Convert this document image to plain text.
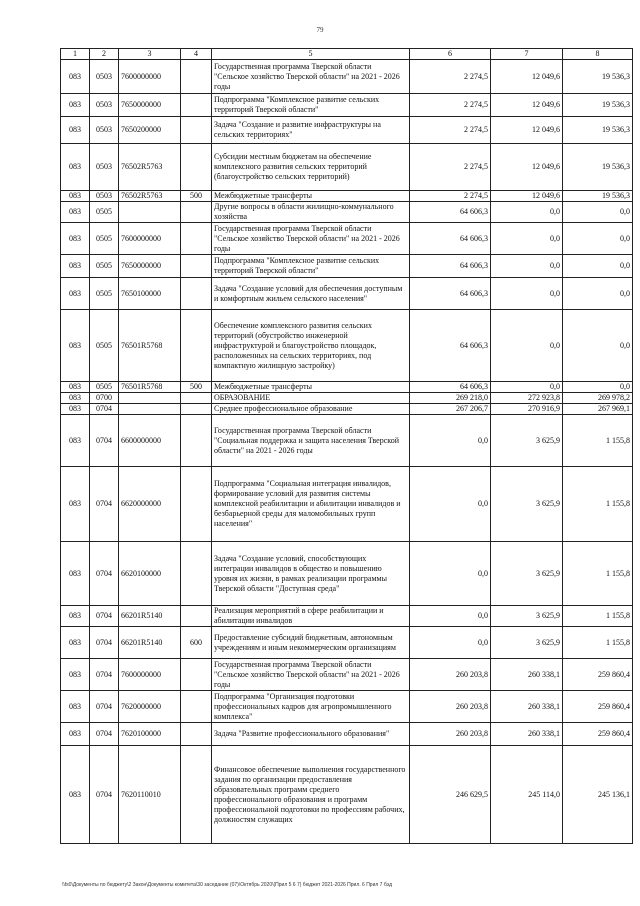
79
1	2	3	4	5	6	7	8
083	0503	7600000000		Государственная программа Тверской области "Сельское хозяйство Тверской области" на 2021 - 2026 годы	2 274,5	12 049,6	19 536,3
083	0503	7650000000		Подпрограмма "Комплексное развитие сельских территорий Тверской области"	2 274,5	12 049,6	19 536,3
083	0503	7650200000		Задача "Создание и развитие инфраструктуры на сельских территориях"	2 274,5	12 049,6	19 536,3
083	0503	76502R5763		Субсидии местным бюджетам на обеспечение комплексного развития сельских территорий (благоустройство сельских территорий)	2 274,5	12 049,6	19 536,3
083	0503	76502R5763	500	Межбюджетные трансферты	2 274,5	12 049,6	19 536,3
083	0505			Другие вопросы в области жилищно-коммунального хозяйства	64 606,3	0,0	0,0
083	0505	7600000000		Государственная программа Тверской области "Сельское хозяйство Тверской области" на 2021 - 2026 годы	64 606,3	0,0	0,0
083	0505	7650000000		Подпрограмма "Комплексное развитие сельских территорий Тверской области"	64 606,3	0,0	0,0
083	0505	7650100000		Задача "Создание условий для обеспечения доступным и комфортным жильем сельского населения"	64 606,3	0,0	0,0
083	0505	76501R5768		Обеспечение комплексного развития сельских территорий (обустройство инженерной инфраструктурой и благоустройство площадок, расположенных на сельских территориях, под компактную жилищную застройку)	64 606,3	0,0	0,0
083	0505	76501R5768	500	Межбюджетные трансферты	64 606,3	0,0	0,0
083	0700			ОБРАЗОВАНИЕ	269 218,0	272 923,8	269 978,2
083	0704			Среднее профессиональное образование	267 206,7	270 916,9	267 969,1
083	0704	6600000000		Государственная программа Тверской области "Социальная поддержка и защита населения Тверской области" на 2021 - 2026 годы	0,0	3 625,9	1 155,8
083	0704	6620000000		Подпрограмма "Социальная интеграция инвалидов, формирование условий для развития системы комплексной реабилитации и абилитации инвалидов и безбарьерной среды для маломобильных групп населения"	0,0	3 625,9	1 155,8
083	0704	6620100000		Задача "Создание условий, способствующих интеграции инвалидов в общество и повышению уровня их жизни, в рамках реализации программы Тверской области "Доступная среда"	0,0	3 625,9	1 155,8
083	0704	66201R5140		Реализация мероприятий в сфере реабилитации и абилитации инвалидов	0,0	3 625,9	1 155,8
083	0704	66201R5140	600	Предоставление субсидий бюджетным, автономным учреждениям и иным некоммерческим организациям	0,0	3 625,9	1 155,8
083	0704	7600000000		Государственная программа Тверской области "Сельское хозяйство Тверской области" на 2021 - 2026 годы	260 203,8	260 338,1	259 860,4
083	0704	7620000000		Подпрограмма "Организация подготовки профессиональных кадров для агропромышленного комплекса"	260 203,8	260 338,1	259 860,4
083	0704	7620100000		Задача "Развитие профессионального образования"	260 203,8	260 338,1	259 860,4
083	0704	7620110010		Финансовое обеспечение выполнения государственного задания по организации предоставления образовательных программ среднего профессионального образования и программ профессиональной подготовки по профессиям рабочих, должностям служащих	246 629,5	245 114,0	245 136,1
\\fs0\Документы по бюджету\2 Закон\Документы комитета\30 заседание (07)\Октябрь 2020\(Прил 5 6 7) бюджет 2021-2026 Прил. 6 Прил 7 бэд
